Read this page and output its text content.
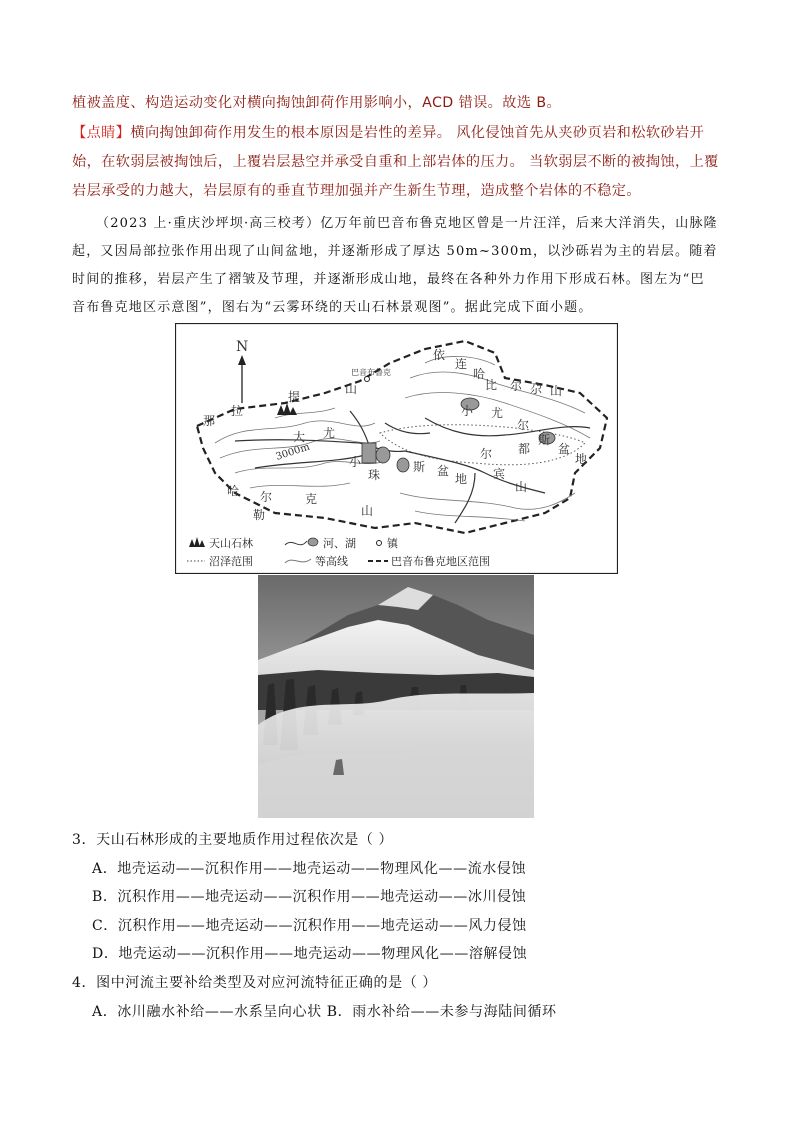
植被盖度、构造运动变化对横向掏蚀卸荷作用影响小，ACD 错误。故选 B。
【点睛】横向掏蚀卸荷作用发生的根本原因是岩性的差异。 风化侵蚀首先从夹砂页岩和松软砂岩开
始，在软弱层被掏蚀后，上覆岩层悬空并承受自重和上部岩体的压力。 当软弱层不断的被掏蚀，上覆
岩层承受的力越大，岩层原有的垂直节理加强并产生新生节理，造成整个岩体的不稳定。
（2023 上·重庆沙坪坝·高三校考）亿万年前巴音布鲁克地区曾是一片汪洋，后来大洋消失，山脉隆
起，又因局部拉张作用出现了山间盆地，并逐渐形成了厚达 50m~300m，以沙砾岩为主的岩层。随着
时间的推移，岩层产生了褶皱及节理，并逐渐形成山地，最终在各种外力作用下形成石林。图左为“巴
音布鲁克地区示意图”，图右为“云雾环绕的天山石林景观图”。据此完成下面小题。
N
巴音布鲁克
3000m
那
拉
提
山
依
连
哈
比 尔 尕 山
大 尤
小 尤
尔
都
斯
盆
地
尔
宾
山
小
珠
斯 盆
地
山
克
勒
尔
哈
天山石林	河、湖	镇
沼泽范围	等高线	巴音布鲁克地区范围
3．天山石林形成的主要地质作用过程依次是（ ）
A．地壳运动——沉积作用——地壳运动——物理风化——流水侵蚀
B．沉积作用——地壳运动——沉积作用——地壳运动——冰川侵蚀
C．沉积作用——地壳运动——沉积作用——地壳运动——风力侵蚀
D．地壳运动——沉积作用——地壳运动——物理风化——溶解侵蚀
4．图中河流主要补给类型及对应河流特征正确的是（ ）
A．冰川融水补给——水系呈向心状 B．雨水补给——未参与海陆间循环
